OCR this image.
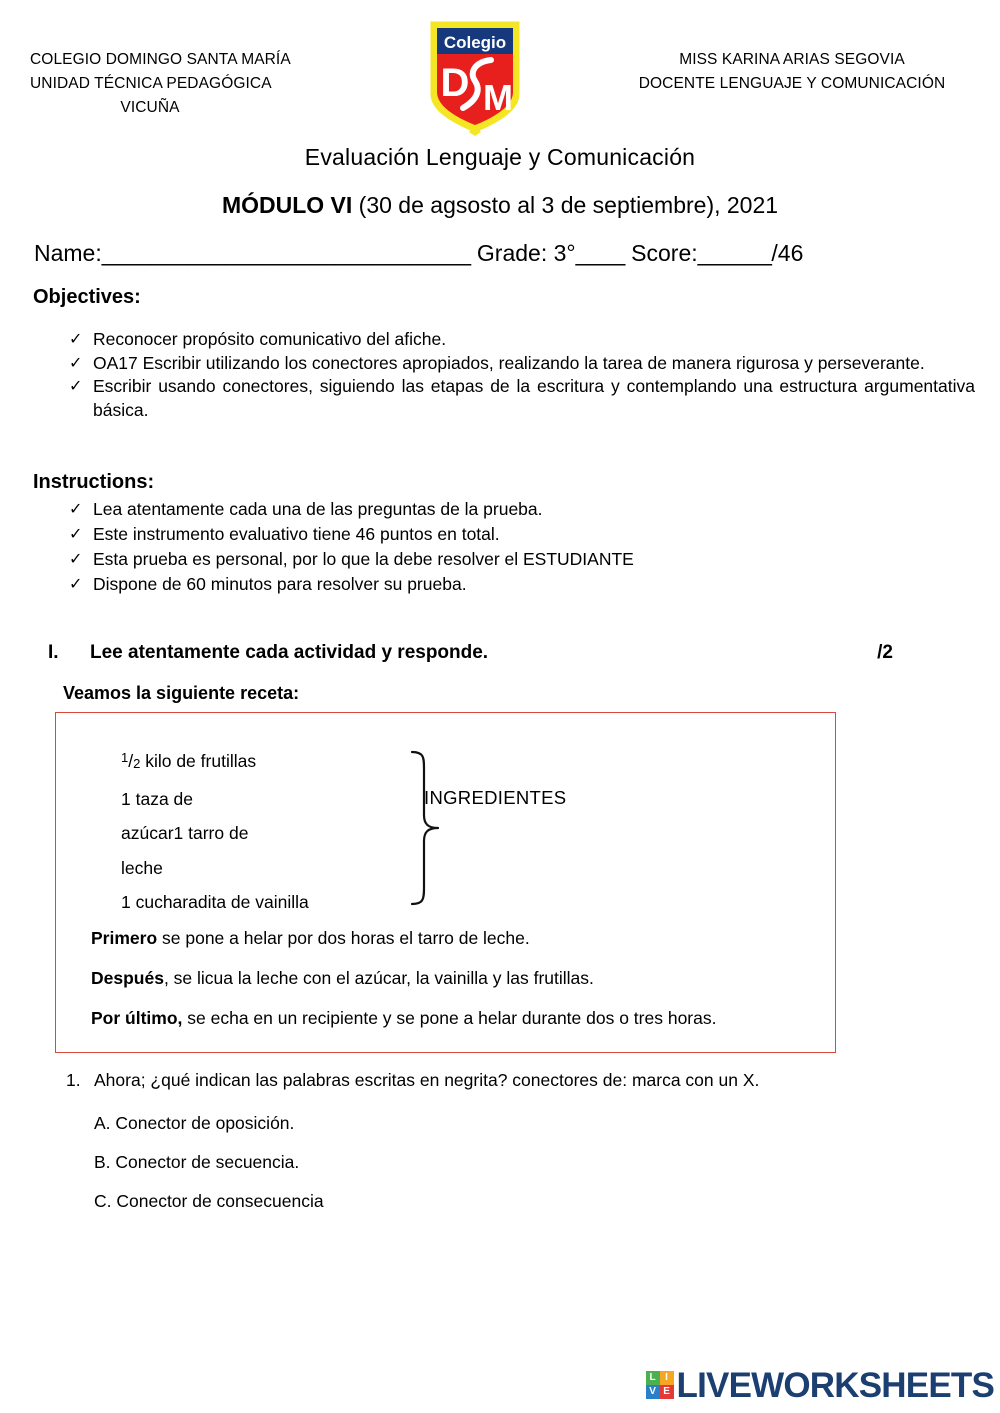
COLEGIO DOMINGO SANTA MARÍA
UNIDAD TÉCNICA PEDAGÓGICA
VICUÑA
Colegio
D M
MISS KARINA ARIAS SEGOVIA
DOCENTE LENGUAJE Y COMUNICACIÓN
Evaluación Lenguaje y Comunicación
MÓDULO VI (30 de agsosto al 3 de septiembre), 2021
Name:______________________________ Grade: 3°____ Score:______/46
Objectives:
✓ Reconocer propósito comunicativo del afiche.
✓ OA17 Escribir utilizando los conectores apropiados, realizando la tarea de manera rigurosa y perseverante.
✓ Escribir usando conectores, siguiendo las etapas de la escritura y contemplando una estructura argumentativa básica.
Instructions:
✓ Lea atentamente cada una de las preguntas de la prueba.
✓ Este instrumento evaluativo tiene 46 puntos en total.
✓ Esta prueba es personal, por lo que la debe resolver el ESTUDIANTE
✓ Dispone de 60 minutos para resolver su prueba.
I.	Lee atentamente cada actividad y responde.	/2
Veamos la siguiente receta:
$^1/_2$ kilo de frutillas
1 taza de
azúcar1 tarro de
leche
1 cucharadita de vainilla
INGREDIENTES

Primero se pone a helar por dos horas el tarro de leche.

Después, se licua la leche con el azúcar, la vainilla y las frutillas.

Por último, se echa en un recipiente y se pone a helar durante dos o tres horas.

1. Ahora; ¿qué indican las palabras escritas en negrita? conectores de: marca con un X.
A. Conector de oposición.
B. Conector de secuencia.
C. Conector de consecuencia
L I
V E LIVEWORKSHEETS
